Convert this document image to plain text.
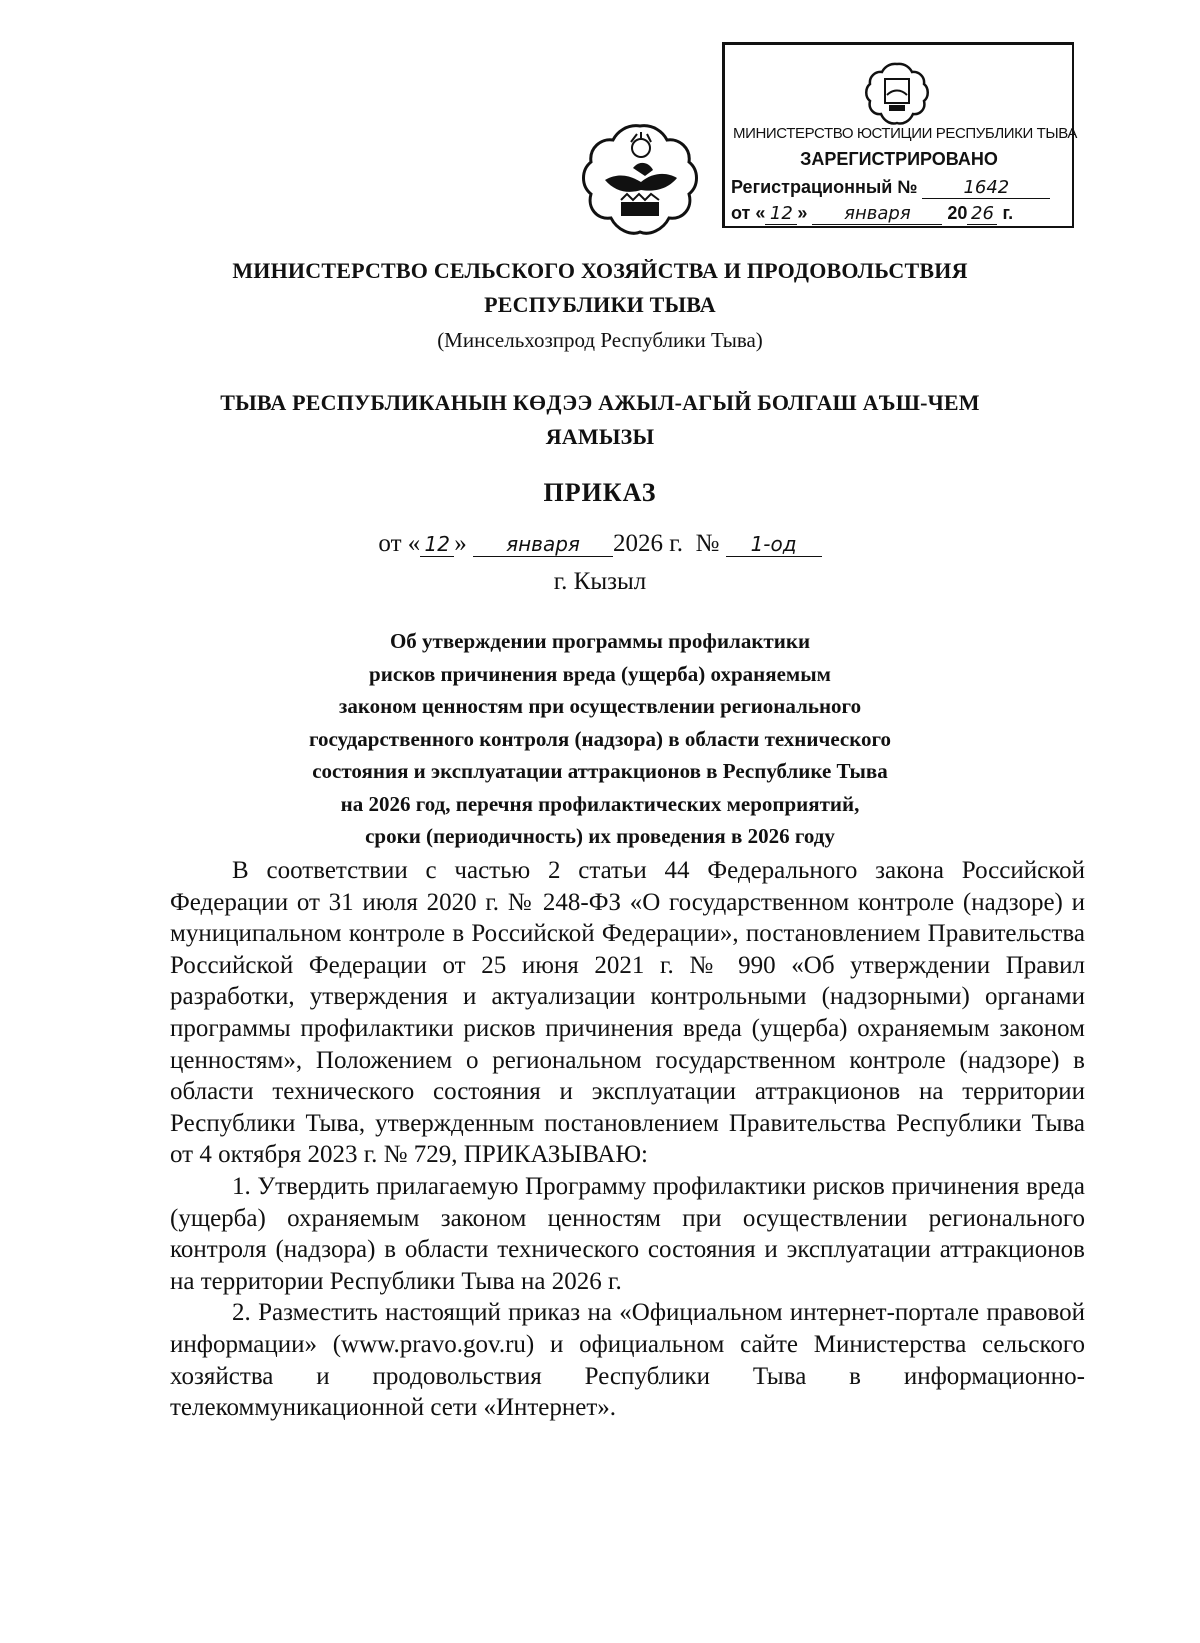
МИНИСТЕРСТВО ЮСТИЦИИ РЕСПУБЛИКИ ТЫВА
ЗАРЕГИСТРИРОВАНО
Регистрационный №	1642
от « 12 » января 20 26 г.
МИНИСТЕРСТВО СЕЛЬСКОГО ХОЗЯЙСТВА И ПРОДОВОЛЬСТВИЯ
РЕСПУБЛИКИ ТЫВА
(Минсельхозпрод Республики Тыва)
ТЫВА РЕСПУБЛИКАНЫН КӨДЭЭ АЖЫЛ-АГЫЙ БОЛГАШ АЪШ-ЧЕМ
ЯАМЫЗЫ
ПРИКАЗ
от « 12 » января 2026 г. № 1-од
г. Кызыл
Об утверждении программы профилактики
рисков причинения вреда (ущерба) охраняемым
законом ценностям при осуществлении регионального
государственного контроля (надзора) в области технического
состояния и эксплуатации аттракционов в Республике Тыва
на 2026 год, перечня профилактических мероприятий,
сроки (периодичность) их проведения в 2026 году

В соответствии с частью 2 статьи 44 Федерального закона Российской Федерации от 31 июля 2020 г. № 248-ФЗ «О государственном контроле (надзоре) и муниципальном контроле в Российской Федерации», постановлением Правительства Российской Федерации от 25 июня 2021 г. № 990 «Об утверждении Правил разработки, утверждения и актуализации контрольными (надзорными) органами программы профилактики рисков причинения вреда (ущерба) охраняемым законом ценностям», Положением о региональном государственном контроле (надзоре) в области технического состояния и эксплуатации аттракционов на территории Республики Тыва, утвержденным постановлением Правительства Республики Тыва от 4 октября 2023 г. № 729, ПРИКАЗЫВАЮ:

1. Утвердить прилагаемую Программу профилактики рисков причинения вреда (ущерба) охраняемым законом ценностям при осуществлении регионального контроля (надзора) в области технического состояния и эксплуатации аттракционов на территории Республики Тыва на 2026 г.

2. Разместить настоящий приказ на «Официальном интернет-портале правовой информации» (www.pravo.gov.ru) и официальном сайте Министерства сельского хозяйства и продовольствия Республики Тыва в информационно-телекоммуникационной сети «Интернет».
